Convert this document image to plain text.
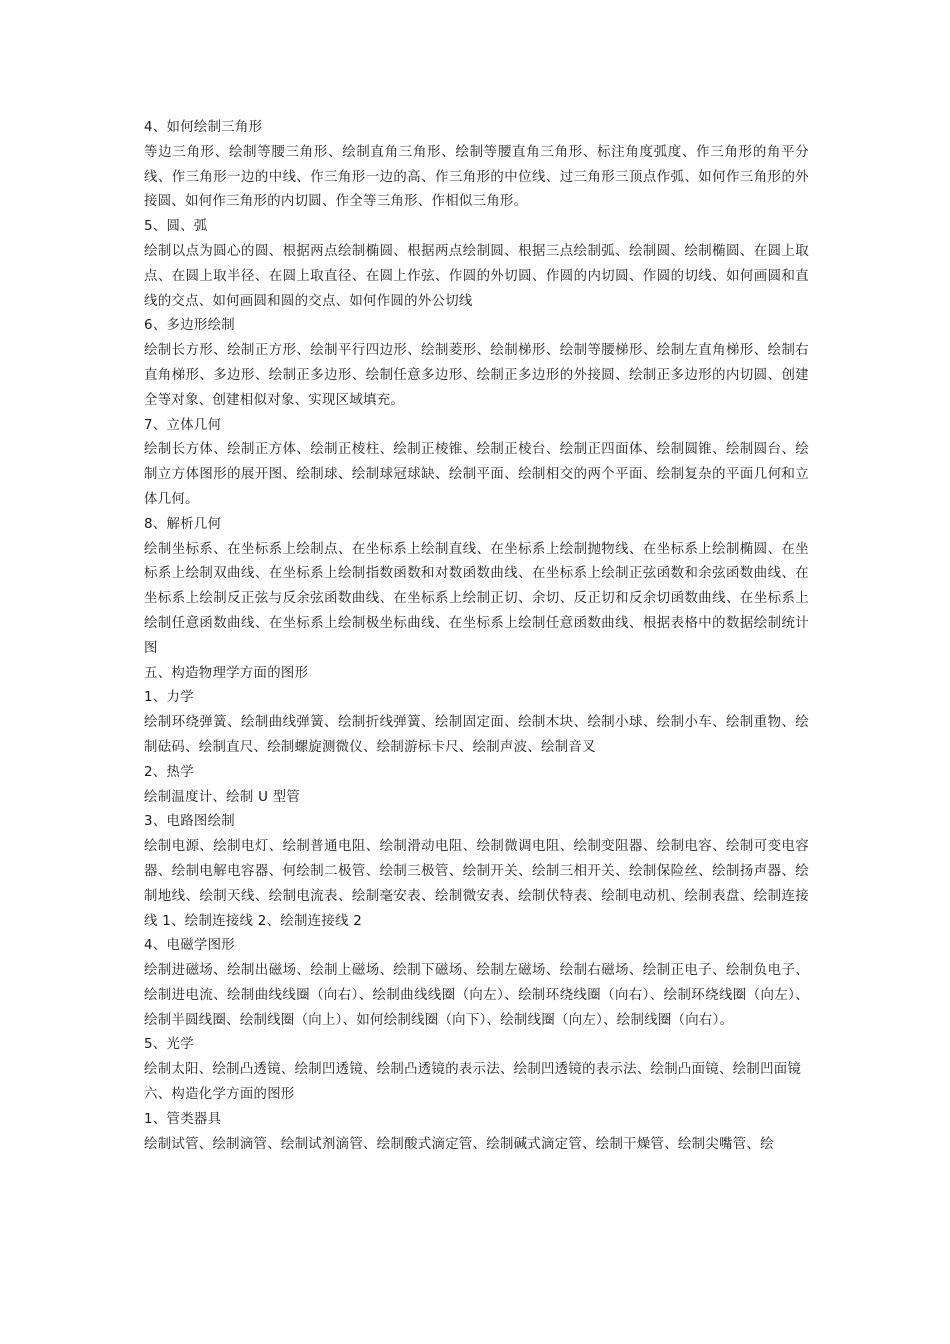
4、如何绘制三角形

等边三角形、绘制等腰三角形、绘制直角三角形、绘制等腰直角三角形、标注角度弧度、作三角形的角平分线、作三角形一边的中线、作三角形一边的高、作三角形的中位线、过三角形三顶点作弧、如何作三角形的外接圆、如何作三角形的内切圆、作全等三角形、作相似三角形。

5、圆、弧

绘制以点为圆心的圆、根据两点绘制椭圆、根据两点绘制圆、根据三点绘制弧、绘制圆、绘制椭圆、在圆上取点、在圆上取半径、在圆上取直径、在圆上作弦、作圆的外切圆、作圆的内切圆、作圆的切线、如何画圆和直线的交点、如何画圆和圆的交点、如何作圆的外公切线

6、多边形绘制

绘制长方形、绘制正方形、绘制平行四边形、绘制菱形、绘制梯形、绘制等腰梯形、绘制左直角梯形、绘制右直角梯形、多边形、绘制正多边形、绘制任意多边形、绘制正多边形的外接圆、绘制正多边形的内切圆、创建全等对象、创建相似对象、实现区域填充。

7、立体几何

绘制长方体、绘制正方体、绘制正棱柱、绘制正棱锥、绘制正棱台、绘制正四面体、绘制圆锥、绘制圆台、绘制立方体图形的展开图、绘制球、绘制球冠球缺、绘制平面、绘制相交的两个平面、绘制复杂的平面几何和立体几何。

8、解析几何

绘制坐标系、在坐标系上绘制点、在坐标系上绘制直线、在坐标系上绘制抛物线、在坐标系上绘制椭圆、在坐标系上绘制双曲线、在坐标系上绘制指数函数和对数函数曲线、在坐标系上绘制正弦函数和余弦函数曲线、在坐标系上绘制反正弦与反余弦函数曲线、在坐标系上绘制正切、余切、反正切和反余切函数曲线、在坐标系上绘制任意函数曲线、在坐标系上绘制极坐标曲线、在坐标系上绘制任意函数曲线、根据表格中的数据绘制统计图

五、构造物理学方面的图形

1、力学

绘制环绕弹簧、绘制曲线弹簧、绘制折线弹簧、绘制固定面、绘制木块、绘制小球、绘制小车、绘制重物、绘制砝码、绘制直尺、绘制螺旋测微仪、绘制游标卡尺、绘制声波、绘制音叉

2、热学

绘制温度计、绘制 U 型管

3、电路图绘制

绘制电源、绘制电灯、绘制普通电阻、绘制滑动电阻、绘制微调电阻、绘制变阻器、绘制电容、绘制可变电容器、绘制电解电容器、何绘制二极管、绘制三极管、绘制开关、绘制三相开关、绘制保险丝、绘制扬声器、绘制地线、绘制天线、绘制电流表、绘制毫安表、绘制微安表、绘制伏特表、绘制电动机、绘制表盘、绘制连接线 1、绘制连接线 2、绘制连接线 2

4、电磁学图形

绘制进磁场、绘制出磁场、绘制上磁场、绘制下磁场、绘制左磁场、绘制右磁场、绘制正电子、绘制负电子、绘制进电流、绘制曲线线圈（向右）、绘制曲线线圈（向左）、绘制环绕线圈（向右）、绘制环绕线圈（向左）、绘制半圆线圈、绘制线圈（向上）、如何绘制线圈（向下）、绘制线圈（向左）、绘制线圈（向右）。

5、光学

绘制太阳、绘制凸透镜、绘制凹透镜、绘制凸透镜的表示法、绘制凹透镜的表示法、绘制凸面镜、绘制凹面镜

六、构造化学方面的图形

1、管类器具

绘制试管、绘制滴管、绘制试剂滴管、绘制酸式滴定管、绘制碱式滴定管、绘制干燥管、绘制尖嘴管、绘
